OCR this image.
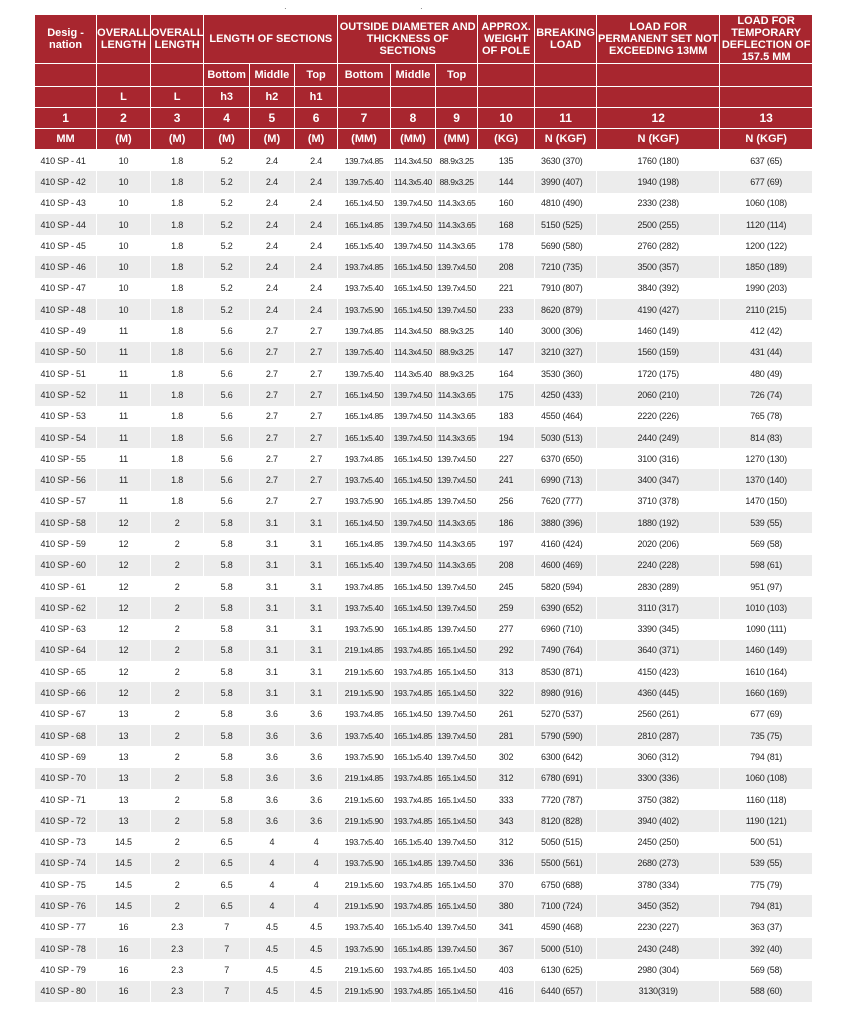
·	·
Desig - nation	OVERALL LENGTH	OVERALL LENGTH	LENGTH OF SECTIONS			OUTSIDE DIAMETER AND THICKNESS OF SECTIONS			APPROX. WEIGHT OF POLE	BREAKING LOAD	LOAD FOR PERMANENT SET NOT EXCEEDING 13MM	LOAD FOR TEMPORARY DEFLECTION OF 157.5 MM
			Bottom	Middle	Top	Bottom	Middle	Top				
	L	L	h3	h2	h1							
1	2	3	4	5	6	7	8	9	10	11	12	13
MM	(M)	(M)	(M)	(M)	(M)	(MM)	(MM)	(MM)	(KG)	N (KGF)	N (KGF)	N (KGF)
410 SP - 41	10	1.8	5.2	2.4	2.4	139.7x4.85	114.3x4.50	88.9x3.25	135	3630 (370)	1760 (180)	637 (65)
410 SP - 42	10	1.8	5.2	2.4	2.4	139.7x5.40	114.3x5.40	88.9x3.25	144	3990 (407)	1940 (198)	677 (69)
410 SP - 43	10	1.8	5.2	2.4	2.4	165.1x4.50	139.7x4.50	114.3x3.65	160	4810 (490)	2330 (238)	1060 (108)
410 SP - 44	10	1.8	5.2	2.4	2.4	165.1x4.85	139.7x4.50	114.3x3.65	168	5150 (525)	2500 (255)	1120 (114)
410 SP - 45	10	1.8	5.2	2.4	2.4	165.1x5.40	139.7x4.50	114.3x3.65	178	5690 (580)	2760 (282)	1200 (122)
410 SP - 46	10	1.8	5.2	2.4	2.4	193.7x4.85	165.1x4.50	139.7x4.50	208	7210 (735)	3500 (357)	1850 (189)
410 SP - 47	10	1.8	5.2	2.4	2.4	193.7x5.40	165.1x4.50	139.7x4.50	221	7910 (807)	3840 (392)	1990 (203)
410 SP - 48	10	1.8	5.2	2.4	2.4	193.7x5.90	165.1x4.50	139.7x4.50	233	8620 (879)	4190 (427)	2110 (215)
410 SP - 49	11	1.8	5.6	2.7	2.7	139.7x4.85	114.3x4.50	88.9x3.25	140	3000 (306)	1460 (149)	412 (42)
410 SP - 50	11	1.8	5.6	2.7	2.7	139.7x5.40	114.3x4.50	88.9x3.25	147	3210 (327)	1560 (159)	431 (44)
410 SP - 51	11	1.8	5.6	2.7	2.7	139.7x5.40	114.3x5.40	88.9x3.25	164	3530 (360)	1720 (175)	480 (49)
410 SP - 52	11	1.8	5.6	2.7	2.7	165.1x4.50	139.7x4.50	114.3x3.65	175	4250 (433)	2060 (210)	726 (74)
410 SP - 53	11	1.8	5.6	2.7	2.7	165.1x4.85	139.7x4.50	114.3x3.65	183	4550 (464)	2220 (226)	765 (78)
410 SP - 54	11	1.8	5.6	2.7	2.7	165.1x5.40	139.7x4.50	114.3x3.65	194	5030 (513)	2440 (249)	814 (83)
410 SP - 55	11	1.8	5.6	2.7	2.7	193.7x4.85	165.1x4.50	139.7x4.50	227	6370 (650)	3100 (316)	1270 (130)
410 SP - 56	11	1.8	5.6	2.7	2.7	193.7x5.40	165.1x4.50	139.7x4.50	241	6990 (713)	3400 (347)	1370 (140)
410 SP - 57	11	1.8	5.6	2.7	2.7	193.7x5.90	165.1x4.85	139.7x4.50	256	7620 (777)	3710 (378)	1470 (150)
410 SP - 58	12	2	5.8	3.1	3.1	165.1x4.50	139.7x4.50	114.3x3.65	186	3880 (396)	1880 (192)	539 (55)
410 SP - 59	12	2	5.8	3.1	3.1	165.1x4.85	139.7x4.50	114.3x3.65	197	4160 (424)	2020 (206)	569 (58)
410 SP - 60	12	2	5.8	3.1	3.1	165.1x5.40	139.7x4.50	114.3x3.65	208	4600 (469)	2240 (228)	598 (61)
410 SP - 61	12	2	5.8	3.1	3.1	193.7x4.85	165.1x4.50	139.7x4.50	245	5820 (594)	2830 (289)	951 (97)
410 SP - 62	12	2	5.8	3.1	3.1	193.7x5.40	165.1x4.50	139.7x4.50	259	6390 (652)	3110 (317)	1010 (103)
410 SP - 63	12	2	5.8	3.1	3.1	193.7x5.90	165.1x4.85	139.7x4.50	277	6960 (710)	3390 (345)	1090 (111)
410 SP - 64	12	2	5.8	3.1	3.1	219.1x4.85	193.7x4.85	165.1x4.50	292	7490 (764)	3640 (371)	1460 (149)
410 SP - 65	12	2	5.8	3.1	3.1	219.1x5.60	193.7x4.85	165.1x4.50	313	8530 (871)	4150 (423)	1610 (164)
410 SP - 66	12	2	5.8	3.1	3.1	219.1x5.90	193.7x4.85	165.1x4.50	322	8980 (916)	4360 (445)	1660 (169)
410 SP - 67	13	2	5.8	3.6	3.6	193.7x4.85	165.1x4.50	139.7x4.50	261	5270 (537)	2560 (261)	677 (69)
410 SP - 68	13	2	5.8	3.6	3.6	193.7x5.40	165.1x4.85	139.7x4.50	281	5790 (590)	2810 (287)	735 (75)
410 SP - 69	13	2	5.8	3.6	3.6	193.7x5.90	165.1x5.40	139.7x4.50	302	6300 (642)	3060 (312)	794 (81)
410 SP - 70	13	2	5.8	3.6	3.6	219.1x4.85	193.7x4.85	165.1x4.50	312	6780 (691)	3300 (336)	1060 (108)
410 SP - 71	13	2	5.8	3.6	3.6	219.1x5.60	193.7x4.85	165.1x4.50	333	7720 (787)	3750 (382)	1160 (118)
410 SP - 72	13	2	5.8	3.6	3.6	219.1x5.90	193.7x4.85	165.1x4.50	343	8120 (828)	3940 (402)	1190 (121)
410 SP - 73	14.5	2	6.5	4	4	193.7x5.40	165.1x5.40	139.7x4.50	312	5050 (515)	2450 (250)	500 (51)
410 SP - 74	14.5	2	6.5	4	4	193.7x5.90	165.1x4.85	139.7x4.50	336	5500 (561)	2680 (273)	539 (55)
410 SP - 75	14.5	2	6.5	4	4	219.1x5.60	193.7x4.85	165.1x4.50	370	6750 (688)	3780 (334)	775 (79)
410 SP - 76	14.5	2	6.5	4	4	219.1x5.90	193.7x4.85	165.1x4.50	380	7100 (724)	3450 (352)	794 (81)
410 SP - 77	16	2.3	7	4.5	4.5	193.7x5.40	165.1x5.40	139.7x4.50	341	4590 (468)	2230 (227)	363 (37)
410 SP - 78	16	2.3	7	4.5	4.5	193.7x5.90	165.1x4.85	139.7x4.50	367	5000 (510)	2430 (248)	392 (40)
410 SP - 79	16	2.3	7	4.5	4.5	219.1x5.60	193.7x4.85	165.1x4.50	403	6130 (625)	2980 (304)	569 (58)
410 SP - 80	16	2.3	7	4.5	4.5	219.1x5.90	193.7x4.85	165.1x4.50	416	6440 (657)	3130(319)	588 (60)
